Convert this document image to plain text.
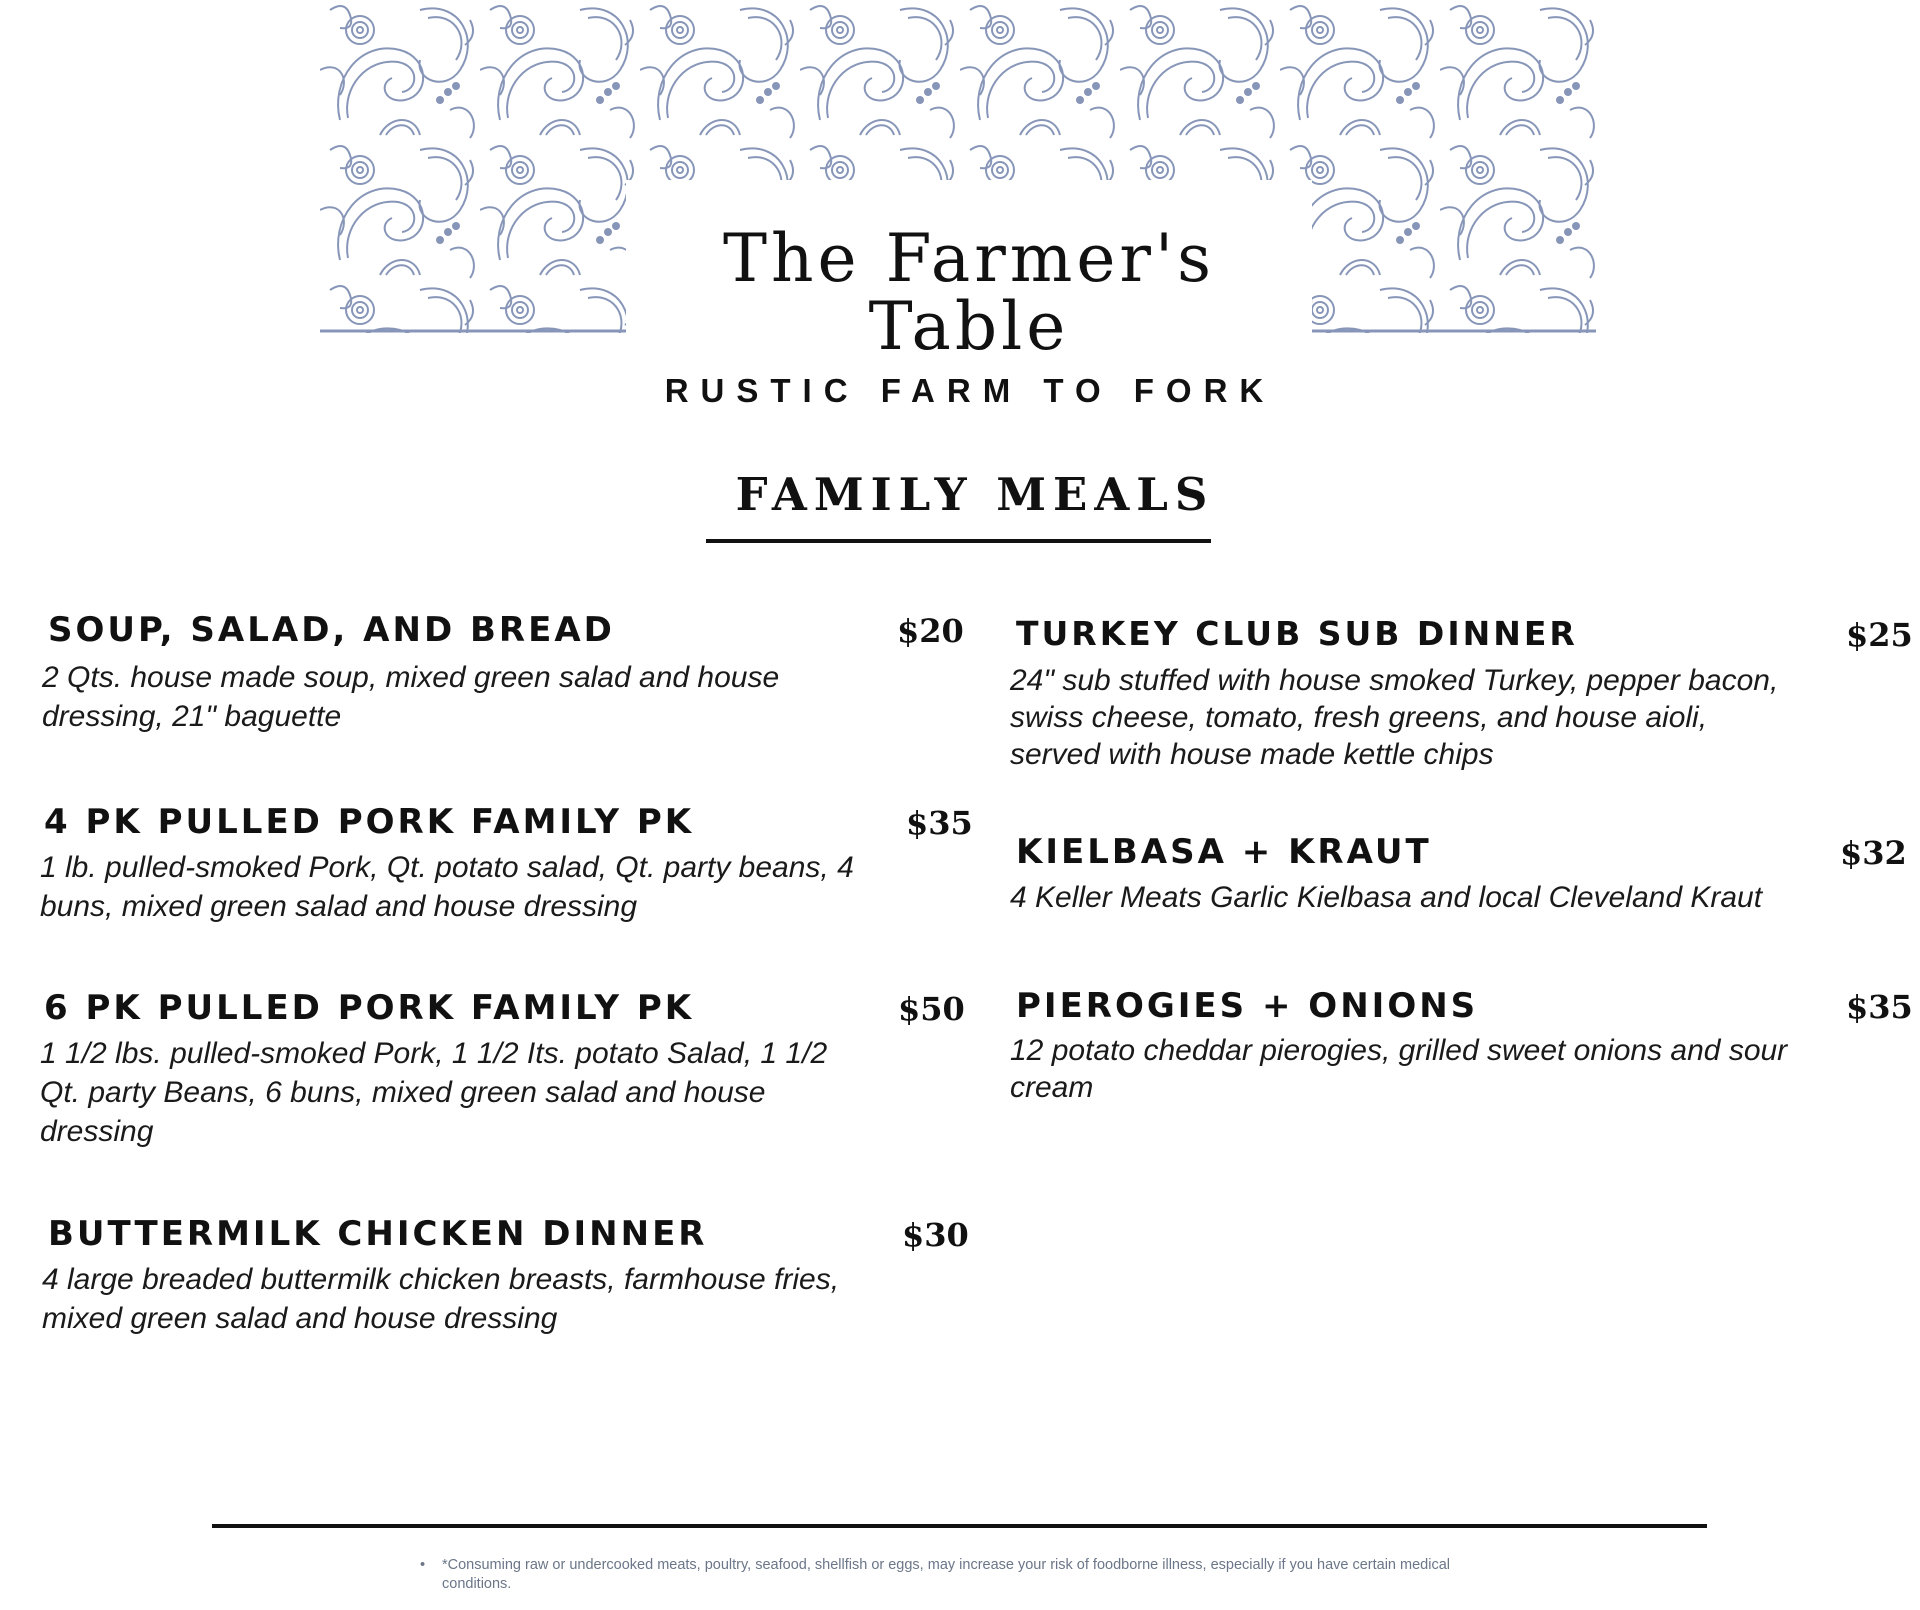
The Farmer's
Table
RUSTIC FARM TO FORK
FAMILY MEALS
SOUP, SALAD, AND BREAD	$20
2 Qts. house made soup, mixed green salad and house dressing, 21" baguette
4 PK PULLED PORK FAMILY PK	$35
1 lb. pulled-smoked Pork, Qt. potato salad, Qt. party beans, 4 buns, mixed green salad and house dressing
6 PK PULLED PORK FAMILY PK	$50
1 1/2 lbs. pulled-smoked Pork, 1 1/2 Its. potato Salad, 1 1/2 Qt. party Beans, 6 buns, mixed green salad and house dressing
BUTTERMILK CHICKEN DINNER	$30
4 large breaded buttermilk chicken breasts, farmhouse fries, mixed green salad and house dressing
TURKEY CLUB SUB DINNER	$25
24" sub stuffed with house smoked Turkey, pepper bacon, swiss cheese, tomato, fresh greens, and house aioli, served with house made kettle chips
KIELBASA + KRAUT	$32
4 Keller Meats Garlic Kielbasa and local Cleveland Kraut
PIEROGIES + ONIONS	$35
12 potato cheddar pierogies, grilled sweet onions and sour cream
•	*Consuming raw or undercooked meats, poultry, seafood, shellfish or eggs, may increase your risk of foodborne illness, especially if you have certain medical conditions.
